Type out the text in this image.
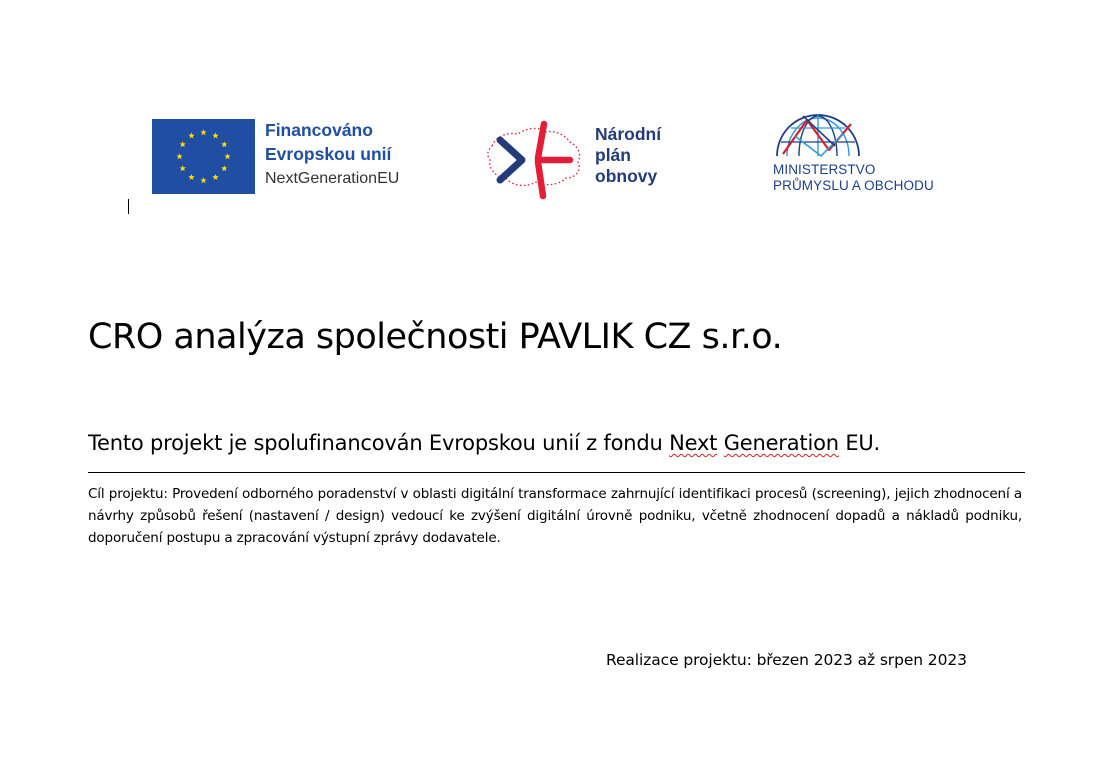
Financováno
Evropskou unií
NextGenerationEU
Národní
plán
obnovy	MINISTERSTVO
PRŮMYSLU A OBCHODU
CRO analýza společnosti PAVLIK CZ s.r.o.

Tento projekt je spolufinancován Evropskou unií z fondu Next Generation EU.

Cíl projektu: Provedení odborného poradenství v oblasti digitální transformace zahrnující identifikaci procesů (screening), jejich zhodnocení a návrhy způsobů řešení (nastavení / design) vedoucí ke zvýšení digitální úrovně podniku, včetně zhodnocení dopadů a nákladů podniku, doporučení postupu a zpracování výstupní zprávy dodavatele.

Realizace projektu: březen 2023 až srpen 2023
